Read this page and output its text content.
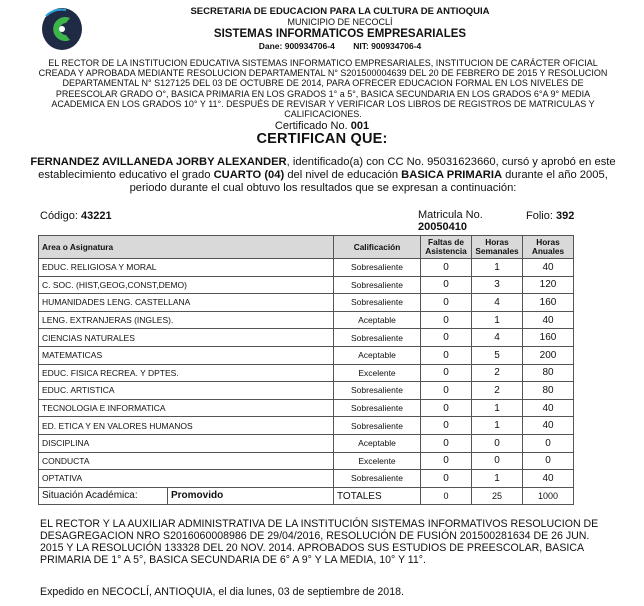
SECRETARIA DE EDUCACION PARA LA CULTURA DE ANTIOQUIA
MUNICIPIO DE NECOCLÍ
SISTEMAS INFORMATICOS EMPRESARIALES
Dane: 900934706-4 NIT: 900934706-4
EL RECTOR DE LA INSTITUCION EDUCATIVA SISTEMAS INFORMATICO EMPRESARIALES, INSTITUCION DE CARÁCTER OFICIAL CREADA Y APROBADA MEDIANTE RESOLUCION DEPARTAMENTAL N° S201500004639 DEL 20 DE FEBRERO DE 2015 Y RESOLUCION DEPARTAMENTAL N° S127125 DEL 03 DE OCTUBRE DE 2014, PARA OFRECER EDUCACION FORMAL EN LOS NIVELES DE PREESCOLAR GRADO O°, BASICA PRIMARIA EN LOS GRADOS 1° a 5°, BASICA SECUNDARIA EN LOS GRADOS 6°A 9° MEDIA ACADEMICA EN LOS GRADOS 10° Y 11°. DESPUÉS DE REVISAR Y VERIFICAR LOS LIBROS DE REGISTROS DE MATRICULAS Y CALIFICACIONES.
Certificado No. 001
CERTIFICAN QUE:
FERNANDEZ AVILLANEDA JORBY ALEXANDER, identificado(a) con CC No. 95031623660, cursó y aprobó en este establecimiento educativo el grado CUARTO (04) del nivel de educación BASICA PRIMARIA durante el año 2005, periodo durante el cual obtuvo los resultados que se expresan a continuación:
Código: 43221	Matricula No.
20050410
Folio: 392
Area o Asignatura	Calificación	Faltas de Asistencia	Horas Semanales	Horas Anuales
EDUC. RELIGIOSA Y MORAL	Sobresaliente	0	1	40
C. SOC. (HIST,GEOG,CONST,DEMO)	Sobresaliente	0	3	120
HUMANIDADES LENG. CASTELLANA	Sobresaliente	0	4	160
LENG. EXTRANJERAS (INGLES).	Aceptable	0	1	40
CIENCIAS NATURALES	Sobresaliente	0	4	160
MATEMATICAS	Aceptable	0	5	200
EDUC. FISICA RECREA. Y DPTES.	Excelente	0	2	80
EDUC. ARTISTICA	Sobresaliente	0	2	80
TECNOLOGIA E INFORMATICA	Sobresaliente	0	1	40
ED. ETICA Y EN VALORES HUMANOS	Sobresaliente	0	1	40
DISCIPLINA	Aceptable	0	0	0
CONDUCTA	Excelente	0	0	0
OPTATIVA	Sobresaliente	0	1	40

Situación Académica: Promovido	TOTALES	0	25	1000
EL RECTOR Y LA AUXILIAR ADMINISTRATIVA DE LA INSTITUCIÓN SISTEMAS INFORMATIVOS RESOLUCION DE DESAGREGACION NRO S2016060008986 DE 29/04/2016, RESOLUCIÓN DE FUSIÓN 201500281634 DE 26 JUN. 2015 Y LA RESOLUCIÓN 133328 DEL 20 NOV. 2014. APROBADOS SUS ESTUDIOS DE PREESCOLAR, BASICA PRIMARIA DE 1° A 5°, BASICA SECUNDARIA DE 6° A 9° Y LA MEDIA, 10° Y 11°.
Expedido en NECOCLÍ, ANTIOQUIA, el dia lunes, 03 de septiembre de 2018.
